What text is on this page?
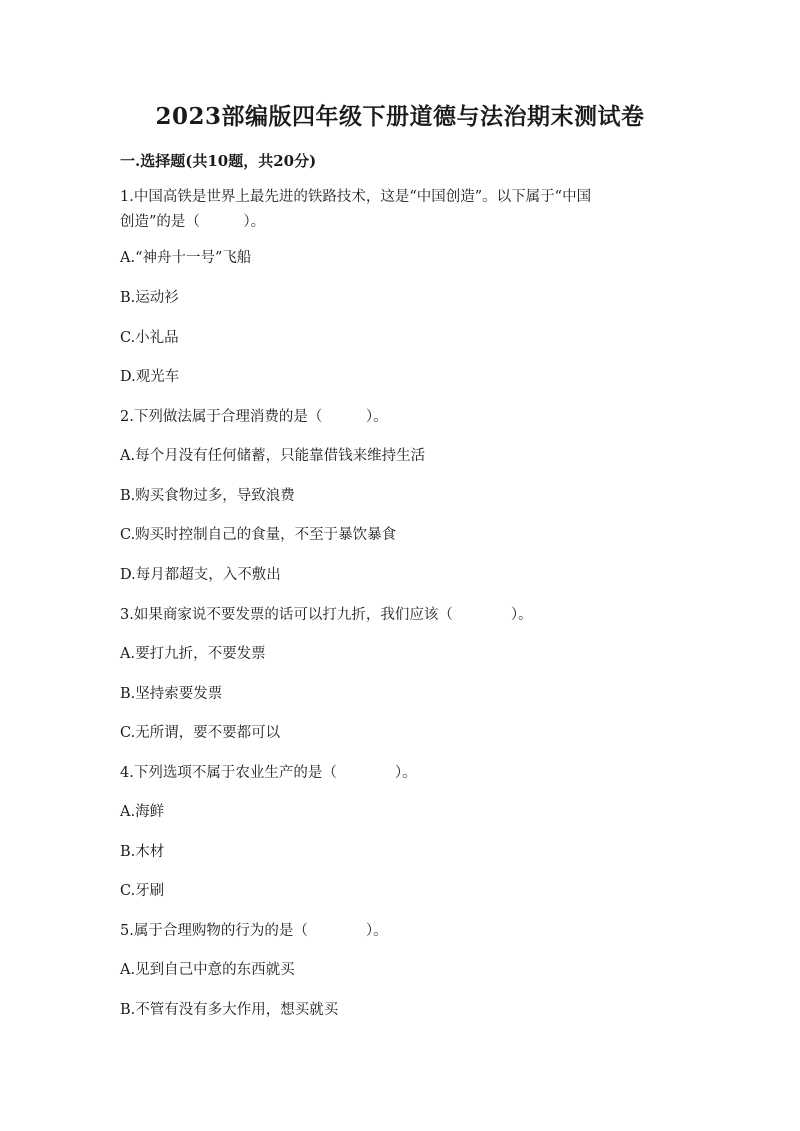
2023部编版四年级下册道德与法治期末测试卷
一.选择题(共10题，共20分)
1.中国高铁是世界上最先进的铁路技术，这是“中国创造”。以下属于“中国
创造”的是（　　　）。
A.“神舟十一号”飞船
B.运动衫
C.小礼品
D.观光车
2.下列做法属于合理消费的是（　　　）。
A.每个月没有任何储蓄，只能靠借钱来维持生活
B.购买食物过多，导致浪费
C.购买时控制自己的食量，不至于暴饮暴食
D.每月都超支，入不敷出
3.如果商家说不要发票的话可以打九折，我们应该（　　　　）。
A.要打九折，不要发票
B.坚持索要发票
C.无所谓，要不要都可以
4.下列选项不属于农业生产的是（　　　　）。
A.海鲜
B.木材
C.牙刷
5.属于合理购物的行为的是（　　　　）。
A.见到自己中意的东西就买
B.不管有没有多大作用，想买就买
